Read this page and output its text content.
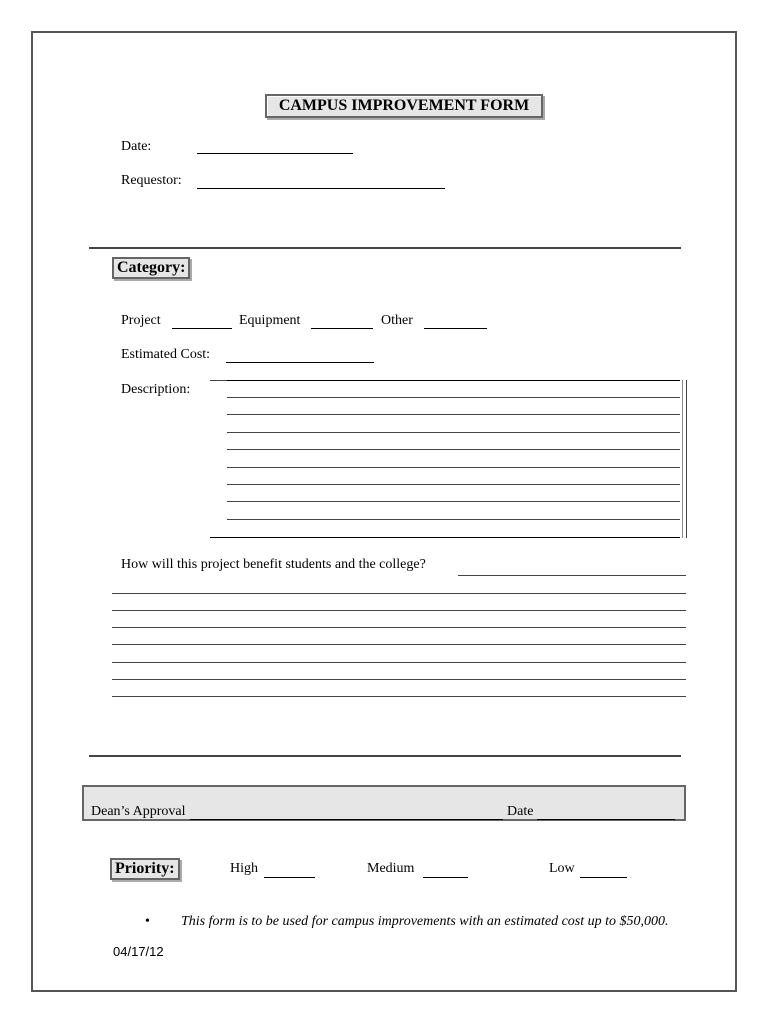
CAMPUS IMPROVEMENT FORM
Date:
Requestor:
Category:
Project	Equipment	Other
Estimated Cost:
Description:
How will this project benefit students and the college?
Dean’s Approval	Date
Priority:	High	Medium	Low
• This form is to be used for campus improvements with an estimated cost up to $50,000.
04/17/12
